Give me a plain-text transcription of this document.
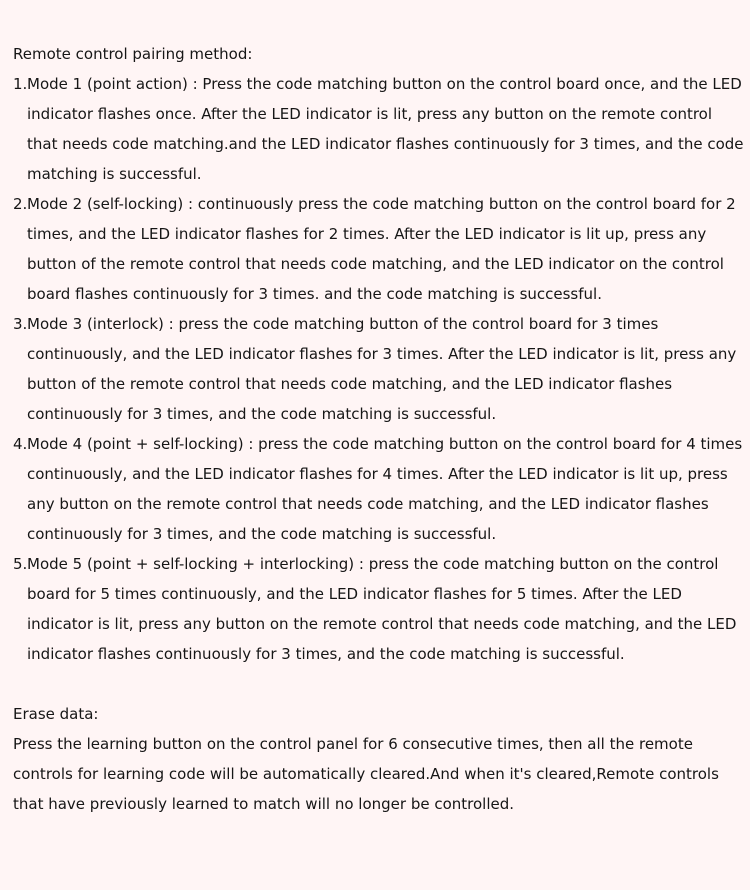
Remote control pairing method:
1. Mode 1 (point action) : Press the code matching button on the control board once, and the LED indicator flashes once. After the LED indicator is lit, press any button on the remote control that needs code matching.and the LED indicator flashes continuously for 3 times, and the code matching is successful.
2. Mode 2 (self-locking) : continuously press the code matching button on the control board for 2 times, and the LED indicator flashes for 2 times. After the LED indicator is lit up, press any button of the remote control that needs code matching, and the LED indicator on the control board flashes continuously for 3 times. and the code matching is successful.
3. Mode 3 (interlock) : press the code matching button of the control board for 3 times continuously, and the LED indicator flashes for 3 times. After the LED indicator is lit, press any button of the remote control that needs code matching, and the LED indicator flashes continuously for 3 times, and the code matching is successful.
4. Mode 4 (point + self-locking) : press the code matching button on the control board for 4 times continuously, and the LED indicator flashes for 4 times. After the LED indicator is lit up, press any button on the remote control that needs code matching, and the LED indicator flashes continuously for 3 times, and the code matching is successful.
5. Mode 5 (point + self-locking + interlocking) : press the code matching button on the control board for 5 times continuously, and the LED indicator flashes for 5 times. After the LED indicator is lit, press any button on the remote control that needs code matching, and the LED indicator flashes continuously for 3 times, and the code matching is successful.
Erase data:

Press the learning button on the control panel for 6 consecutive times, then all the remote controls for learning code will be automatically cleared.And when it's cleared,Remote controls that have previously learned to match will no longer be controlled.
